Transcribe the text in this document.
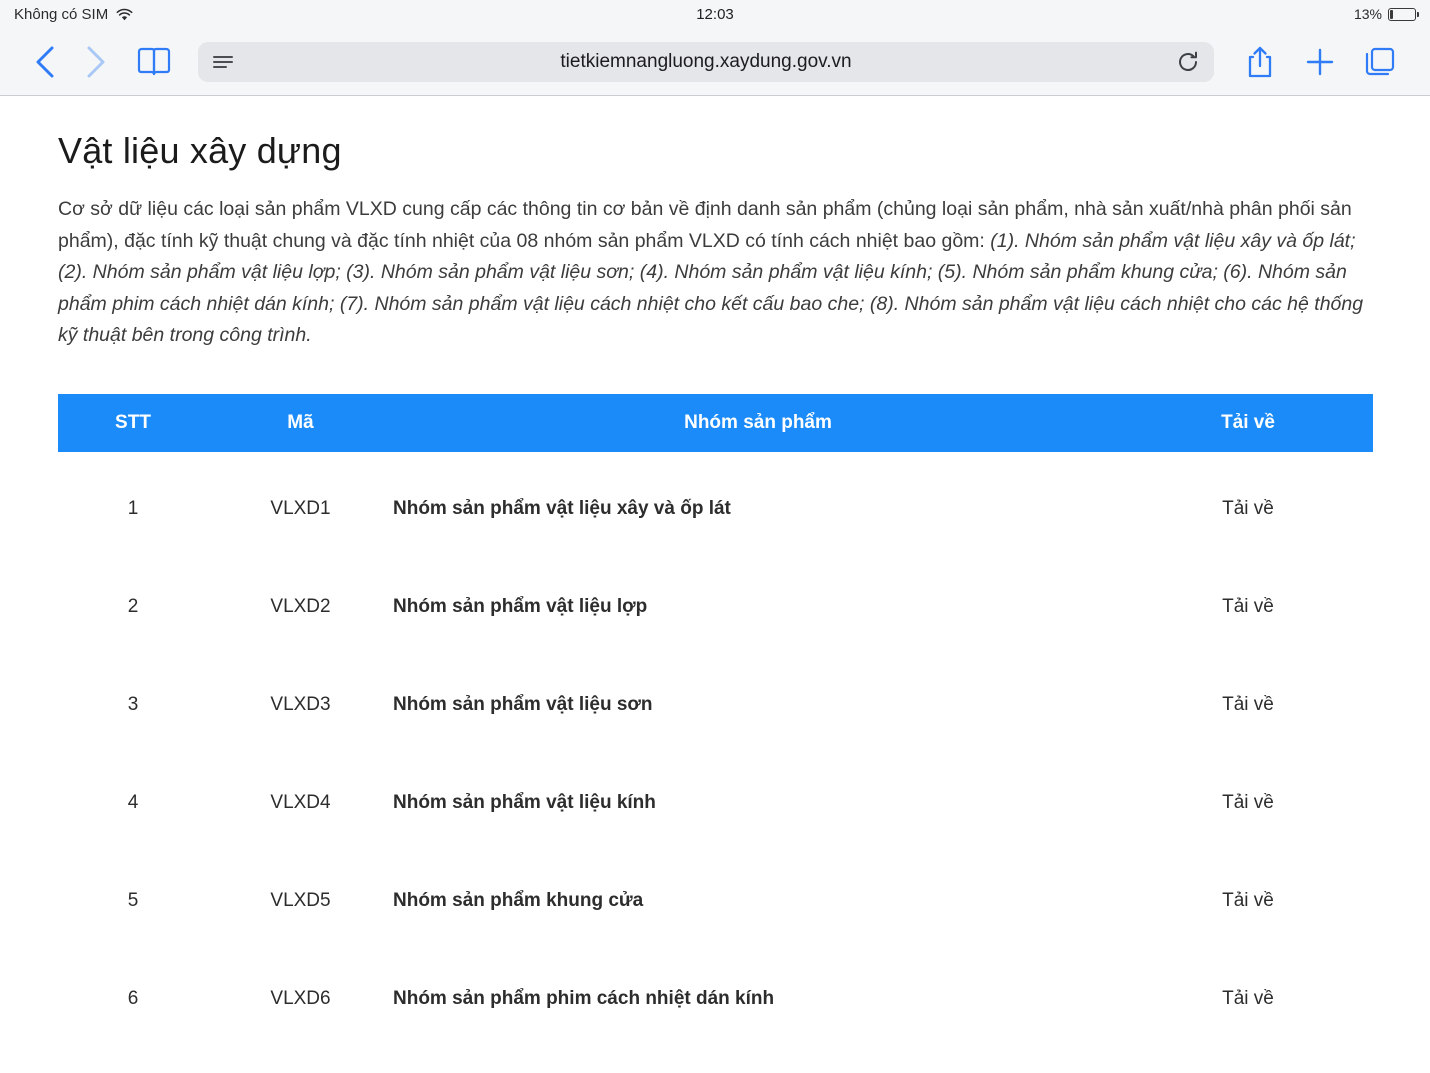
Không có SIM	12:03	13%
tietkiemnangluong.xaydung.gov.vn
Vật liệu xây dựng

Cơ sở dữ liệu các loại sản phẩm VLXD cung cấp các thông tin cơ bản về định danh sản phẩm (chủng loại sản phẩm, nhà sản xuất/nhà phân phối sản phẩm), đặc tính kỹ thuật chung và đặc tính nhiệt của 08 nhóm sản phẩm VLXD có tính cách nhiệt bao gồm: (1). Nhóm sản phẩm vật liệu xây và ốp lát; (2). Nhóm sản phẩm vật liệu lợp; (3). Nhóm sản phẩm vật liệu sơn; (4). Nhóm sản phẩm vật liệu kính; (5). Nhóm sản phẩm khung cửa; (6). Nhóm sản phẩm phim cách nhiệt dán kính; (7). Nhóm sản phẩm vật liệu cách nhiệt cho kết cấu bao che; (8). Nhóm sản phẩm vật liệu cách nhiệt cho các hệ thống kỹ thuật bên trong công trình.

STT	Mã	Nhóm sản phẩm	Tải về
1	VLXD1	Nhóm sản phẩm vật liệu xây và ốp lát	Tải về
2	VLXD2	Nhóm sản phẩm vật liệu lợp	Tải về
3	VLXD3	Nhóm sản phẩm vật liệu sơn	Tải về
4	VLXD4	Nhóm sản phẩm vật liệu kính	Tải về
5	VLXD5	Nhóm sản phẩm khung cửa	Tải về
6	VLXD6	Nhóm sản phẩm phim cách nhiệt dán kính	Tải về
